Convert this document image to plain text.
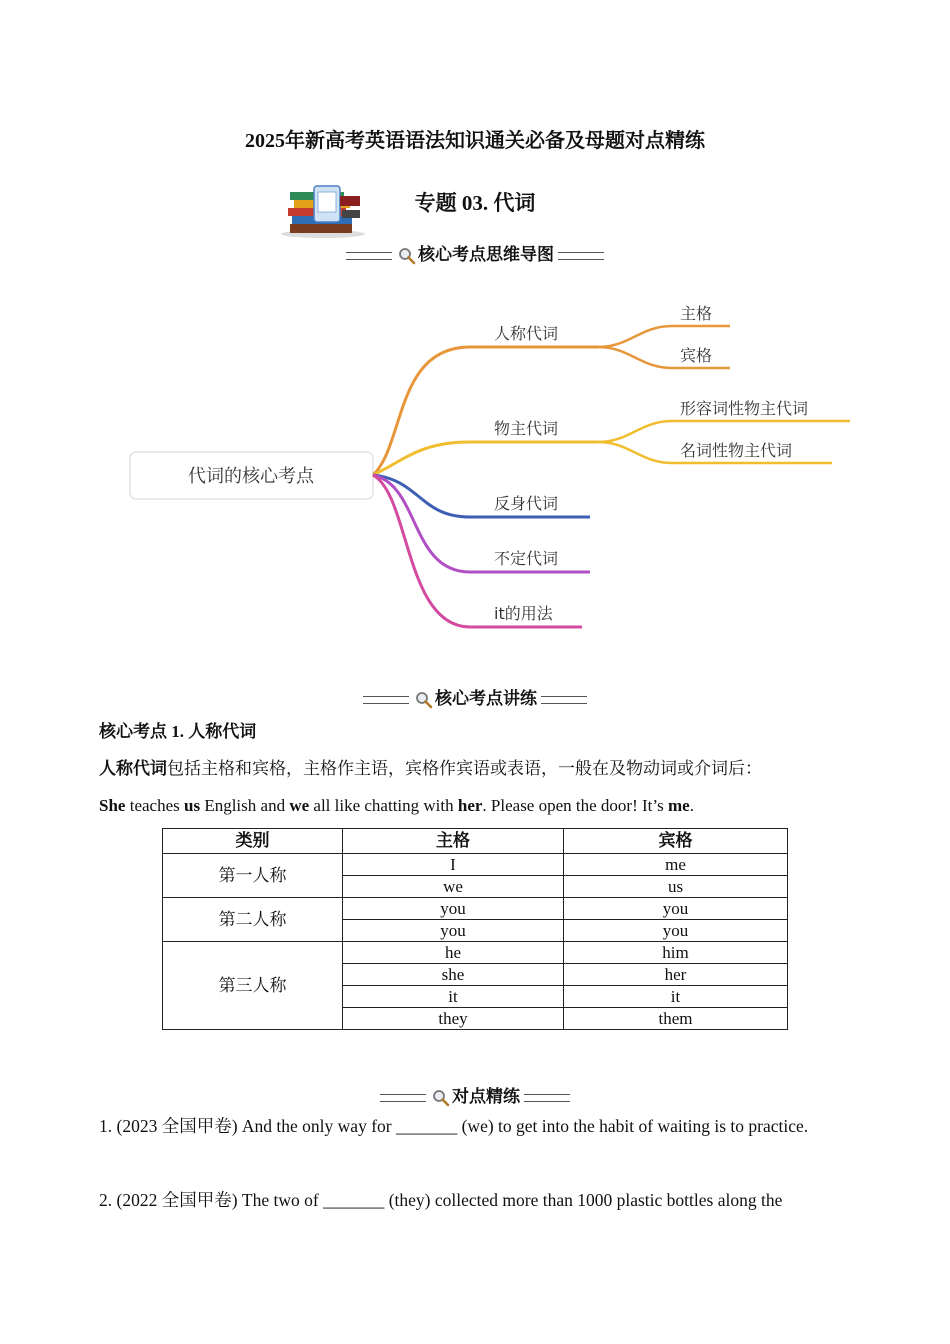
2025年新高考英语语法知识通关必备及母题对点精练
专题 03. 代词
核心考点思维导图
代词的核心考点
人称代词
主格
宾格
物主代词
形容词性物主代词
名词性物主代词
反身代词
不定代词
it的用法
核心考点讲练
核心考点 1. 人称代词
人称代词包括主格和宾格，主格作主语，宾格作宾语或表语，一般在及物动词或介词后：
She teaches us English and we all like chatting with her. Please open the door! It’s me.
类别	主格	宾格
第一人称	I	me
	we	us
第二人称	you	you
	you	you
第三人称	he	him
	she	her
	it	it
	they	them
对点精练
1. (2023 全国甲卷) And the only way for _______ (we) to get into the habit of waiting is to practice.
2. (2022 全国甲卷) The two of _______ (they) collected more than 1000 plastic bottles along the
